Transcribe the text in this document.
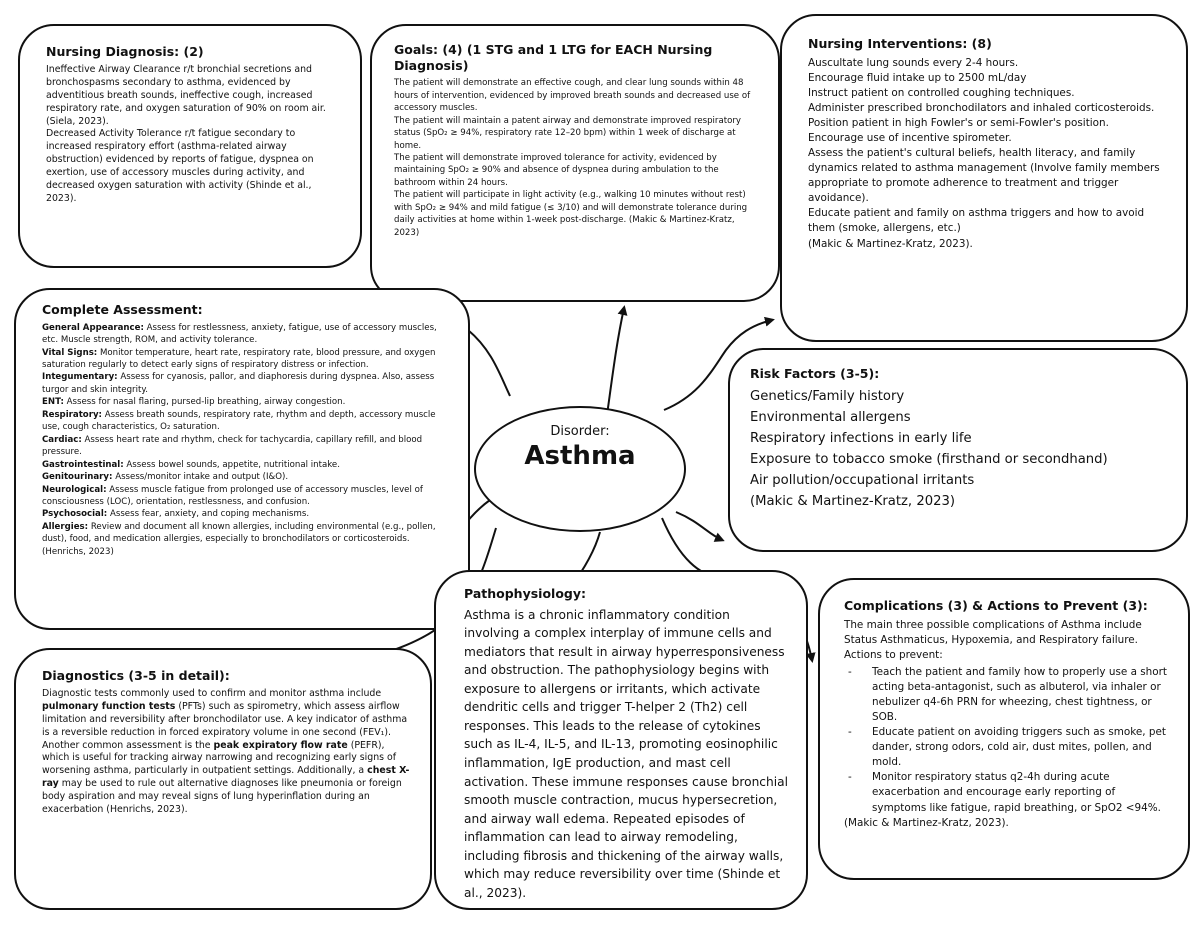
Nursing Diagnosis: (2)

Ineffective Airway Clearance r/t bronchial secretions and bronchospasms secondary to asthma, evidenced by adventitious breath sounds, ineffective cough, increased respiratory rate, and oxygen saturation of 90% on room air. (Siela, 2023).

Decreased Activity Tolerance r/t fatigue secondary to increased respiratory effort (asthma-related airway obstruction) evidenced by reports of fatigue, dyspnea on exertion, use of accessory muscles during activity, and decreased oxygen saturation with activity (Shinde et al., 2023).

Goals: (4) (1 STG and 1 LTG for EACH Nursing Diagnosis)

The patient will demonstrate an effective cough, and clear lung sounds within 48 hours of intervention, evidenced by improved breath sounds and decreased use of accessory muscles.

The patient will maintain a patent airway and demonstrate improved respiratory status (SpO₂ ≥ 94%, respiratory rate 12–20 bpm) within 1 week of discharge at home.

The patient will demonstrate improved tolerance for activity, evidenced by maintaining SpO₂ ≥ 90% and absence of dyspnea during ambulation to the bathroom within 24 hours.

The patient will participate in light activity (e.g., walking 10 minutes without rest) with SpO₂ ≥ 94% and mild fatigue (≤ 3/10) and will demonstrate tolerance during daily activities at home within 1-week post-discharge. (Makic & Martinez-Kratz, 2023)

Nursing Interventions: (8)

Auscultate lung sounds every 2-4 hours.

Encourage fluid intake up to 2500 mL/day

Instruct patient on controlled coughing techniques.

Administer prescribed bronchodilators and inhaled corticosteroids.

Position patient in high Fowler's or semi-Fowler's position.

Encourage use of incentive spirometer.

Assess the patient's cultural beliefs, health literacy, and family dynamics related to asthma management (Involve family members appropriate to promote adherence to treatment and trigger avoidance).

Educate patient and family on asthma triggers and how to avoid them (smoke, allergens, etc.)

(Makic & Martinez-Kratz, 2023).

Complete Assessment:

General Appearance: Assess for restlessness, anxiety, fatigue, use of accessory muscles, etc. Muscle strength, ROM, and activity tolerance.

Vital Signs: Monitor temperature, heart rate, respiratory rate, blood pressure, and oxygen saturation regularly to detect early signs of respiratory distress or infection.

Integumentary: Assess for cyanosis, pallor, and diaphoresis during dyspnea. Also, assess turgor and skin integrity.

ENT: Assess for nasal flaring, pursed-lip breathing, airway congestion.

Respiratory: Assess breath sounds, respiratory rate, rhythm and depth, accessory muscle use, cough characteristics, O₂ saturation.

Cardiac: Assess heart rate and rhythm, check for tachycardia, capillary refill, and blood pressure.

Gastrointestinal: Assess bowel sounds, appetite, nutritional intake.

Genitourinary: Assess/monitor intake and output (I&O).

Neurological: Assess muscle fatigue from prolonged use of accessory muscles, level of consciousness (LOC), orientation, restlessness, and confusion.

Psychosocial: Assess fear, anxiety, and coping mechanisms.

Allergies: Review and document all known allergies, including environmental (e.g., pollen, dust), food, and medication allergies, especially to bronchodilators or corticosteroids. (Henrichs, 2023)

Disorder:
Asthma
Risk Factors (3-5):

Genetics/Family history

Environmental allergens

Respiratory infections in early life

Exposure to tobacco smoke (firsthand or secondhand)

Air pollution/occupational irritants

(Makic & Martinez-Kratz, 2023)

Diagnostics (3-5 in detail):

Diagnostic tests commonly used to confirm and monitor asthma include pulmonary function tests (PFTs) such as spirometry, which assess airflow limitation and reversibility after bronchodilator use. A key indicator of asthma is a reversible reduction in forced expiratory volume in one second (FEV₁). Another common assessment is the peak expiratory flow rate (PEFR), which is useful for tracking airway narrowing and recognizing early signs of worsening asthma, particularly in outpatient settings. Additionally, a chest X-ray may be used to rule out alternative diagnoses like pneumonia or foreign body aspiration and may reveal signs of lung hyperinflation during an exacerbation (Henrichs, 2023).

Pathophysiology:

Asthma is a chronic inflammatory condition involving a complex interplay of immune cells and mediators that result in airway hyperresponsiveness and obstruction. The pathophysiology begins with exposure to allergens or irritants, which activate dendritic cells and trigger T-helper 2 (Th2) cell responses. This leads to the release of cytokines such as IL-4, IL-5, and IL-13, promoting eosinophilic inflammation, IgE production, and mast cell activation. These immune responses cause bronchial smooth muscle contraction, mucus hypersecretion, and airway wall edema. Repeated episodes of inflammation can lead to airway remodeling, including fibrosis and thickening of the airway walls, which may reduce reversibility over time (Shinde et al., 2023).

Complications (3) & Actions to Prevent (3):

The main three possible complications of Asthma include Status Asthmaticus, Hypoxemia, and Respiratory failure.

Actions to prevent:

- Teach the patient and family how to properly use a short acting beta-antagonist, such as albuterol, via inhaler or nebulizer q4-6h PRN for wheezing, chest tightness, or SOB.
- Educate patient on avoiding triggers such as smoke, pet dander, strong odors, cold air, dust mites, pollen, and mold.
- Monitor respiratory status q2-4h during acute exacerbation and encourage early reporting of symptoms like fatigue, rapid breathing, or SpO2 <94%.

(Makic & Martinez-Kratz, 2023).
